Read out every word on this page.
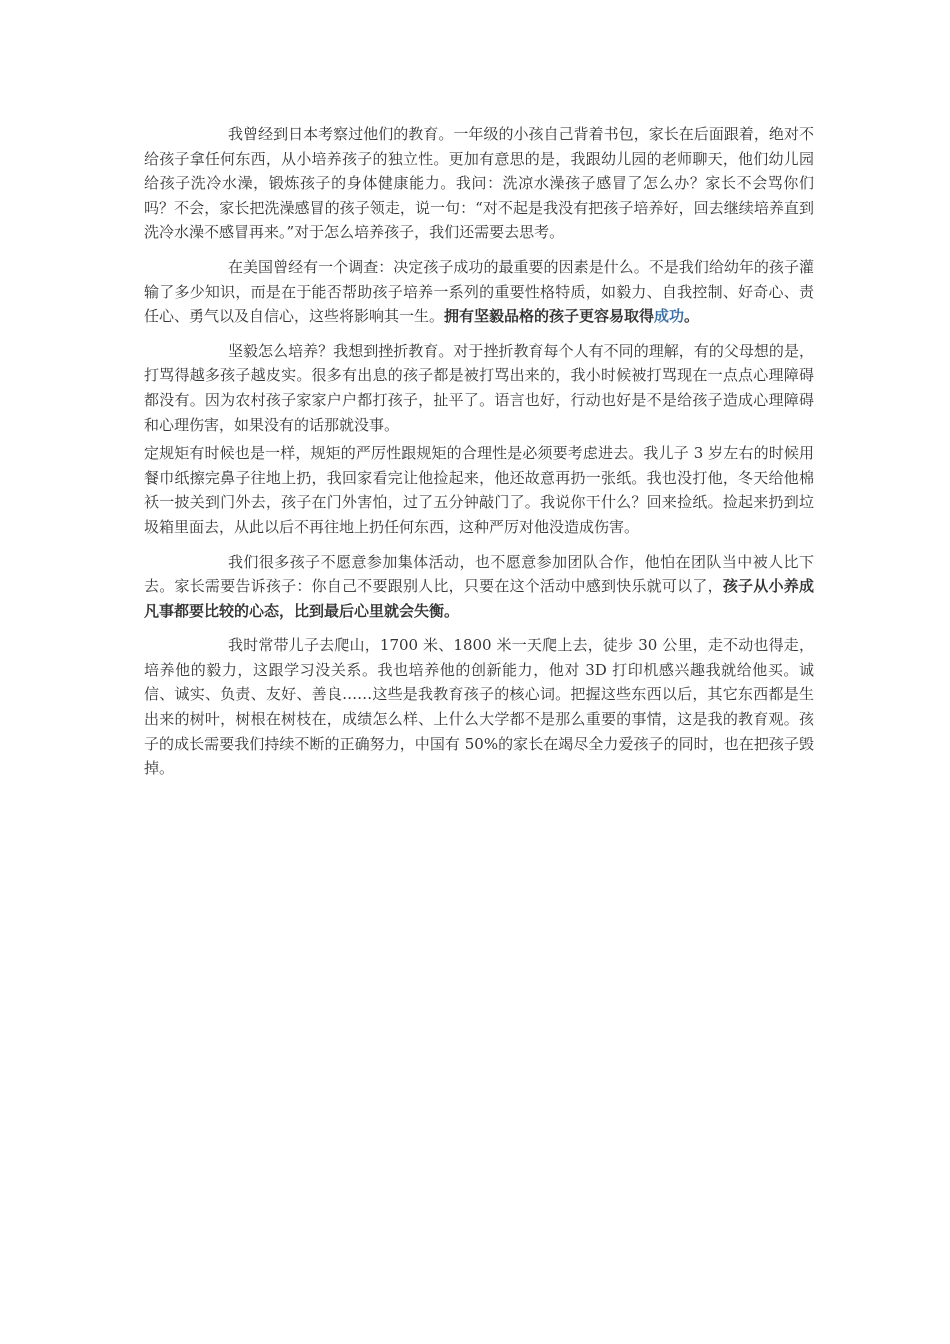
我曾经到日本考察过他们的教育。一年级的小孩自己背着书包，家长在后面跟着，绝对不给孩子拿任何东西，从小培养孩子的独立性。更加有意思的是，我跟幼儿园的老师聊天，他们幼儿园给孩子洗冷水澡，锻炼孩子的身体健康能力。我问：洗凉水澡孩子感冒了怎么办？家长不会骂你们吗？不会，家长把洗澡感冒的孩子领走，说一句：“对不起是我没有把孩子培养好，回去继续培养直到洗冷水澡不感冒再来。”对于怎么培养孩子，我们还需要去思考。

在美国曾经有一个调查：决定孩子成功的最重要的因素是什么。不是我们给幼年的孩子灌输了多少知识，而是在于能否帮助孩子培养一系列的重要性格特质，如毅力、自我控制、好奇心、责任心、勇气以及自信心，这些将影响其一生。拥有坚毅品格的孩子更容易取得成功。

坚毅怎么培养？我想到挫折教育。对于挫折教育每个人有不同的理解，有的父母想的是，打骂得越多孩子越皮实。很多有出息的孩子都是被打骂出来的，我小时候被打骂现在一点点心理障碍都没有。因为农村孩子家家户户都打孩子，扯平了。语言也好，行动也好是不是给孩子造成心理障碍和心理伤害，如果没有的话那就没事。

定规矩有时候也是一样，规矩的严厉性跟规矩的合理性是必须要考虑进去。我儿子 3 岁左右的时候用餐巾纸擦完鼻子往地上扔，我回家看完让他捡起来，他还故意再扔一张纸。我也没打他，冬天给他棉袄一披关到门外去，孩子在门外害怕，过了五分钟敲门了。我说你干什么？回来捡纸。捡起来扔到垃圾箱里面去，从此以后不再往地上扔任何东西，这种严厉对他没造成伤害。

我们很多孩子不愿意参加集体活动，也不愿意参加团队合作，他怕在团队当中被人比下去。家长需要告诉孩子：你自己不要跟别人比，只要在这个活动中感到快乐就可以了，孩子从小养成凡事都要比较的心态，比到最后心里就会失衡。

我时常带儿子去爬山，1700 米、1800 米一天爬上去，徒步 30 公里，走不动也得走，培养他的毅力，这跟学习没关系。我也培养他的创新能力，他对 3D 打印机感兴趣我就给他买。诚信、诚实、负责、友好、善良……这些是我教育孩子的核心词。把握这些东西以后，其它东西都是生出来的树叶，树根在树枝在，成绩怎么样、上什么大学都不是那么重要的事情，这是我的教育观。孩子的成长需要我们持续不断的正确努力，中国有 50%的家长在竭尽全力爱孩子的同时，也在把孩子毁掉。
